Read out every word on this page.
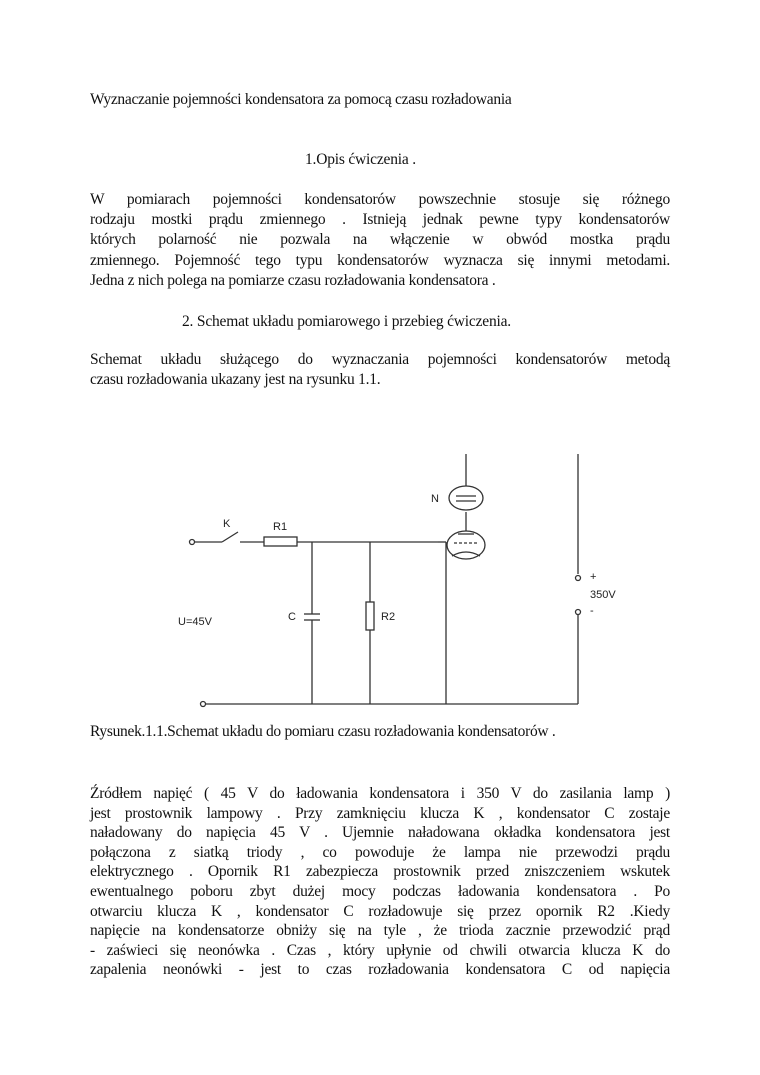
Wyznaczanie pojemności kondensatora za pomocą czasu rozładowania
1.Opis ćwiczenia .
W pomiarach pojemności kondensatorów powszechnie stosuje się różnego
rodzaju mostki prądu zmiennego . Istnieją jednak pewne typy kondensatorów
których polarność nie pozwala na włączenie w obwód mostka prądu
zmiennego. Pojemność tego typu kondensatorów wyznacza się innymi metodami.
Jedna z nich polega na pomiarze czasu rozładowania kondensatora .
2. Schemat układu pomiarowego i przebieg ćwiczenia.
Schemat układu służącego do wyznaczania pojemności kondensatorów metodą
czasu rozładowania ukazany jest na rysunku 1.1.
K	R1
C	R2
N
U=45V
+
350V
-
Rysunek.1.1.Schemat układu do pomiaru czasu rozładowania kondensatorów .
Źródłem napięć ( 45 V do ładowania kondensatora i 350 V do zasilania lamp )
jest prostownik lampowy . Przy zamknięciu klucza K , kondensator C zostaje
naładowany do napięcia 45 V . Ujemnie naładowana okładka kondensatora jest
połączona z siatką triody , co powoduje że lampa nie przewodzi prądu
elektrycznego . Opornik R1 zabezpiecza prostownik przed zniszczeniem wskutek
ewentualnego poboru zbyt dużej mocy podczas ładowania kondensatora . Po
otwarciu klucza K , kondensator C rozładowuje się przez opornik R2 .Kiedy
napięcie na kondensatorze obniży się na tyle , że trioda zacznie przewodzić prąd
- zaświeci się neonówka . Czas , który upłynie od chwili otwarcia klucza K do
zapalenia neonówki - jest to czas rozładowania kondensatora C od napięcia
